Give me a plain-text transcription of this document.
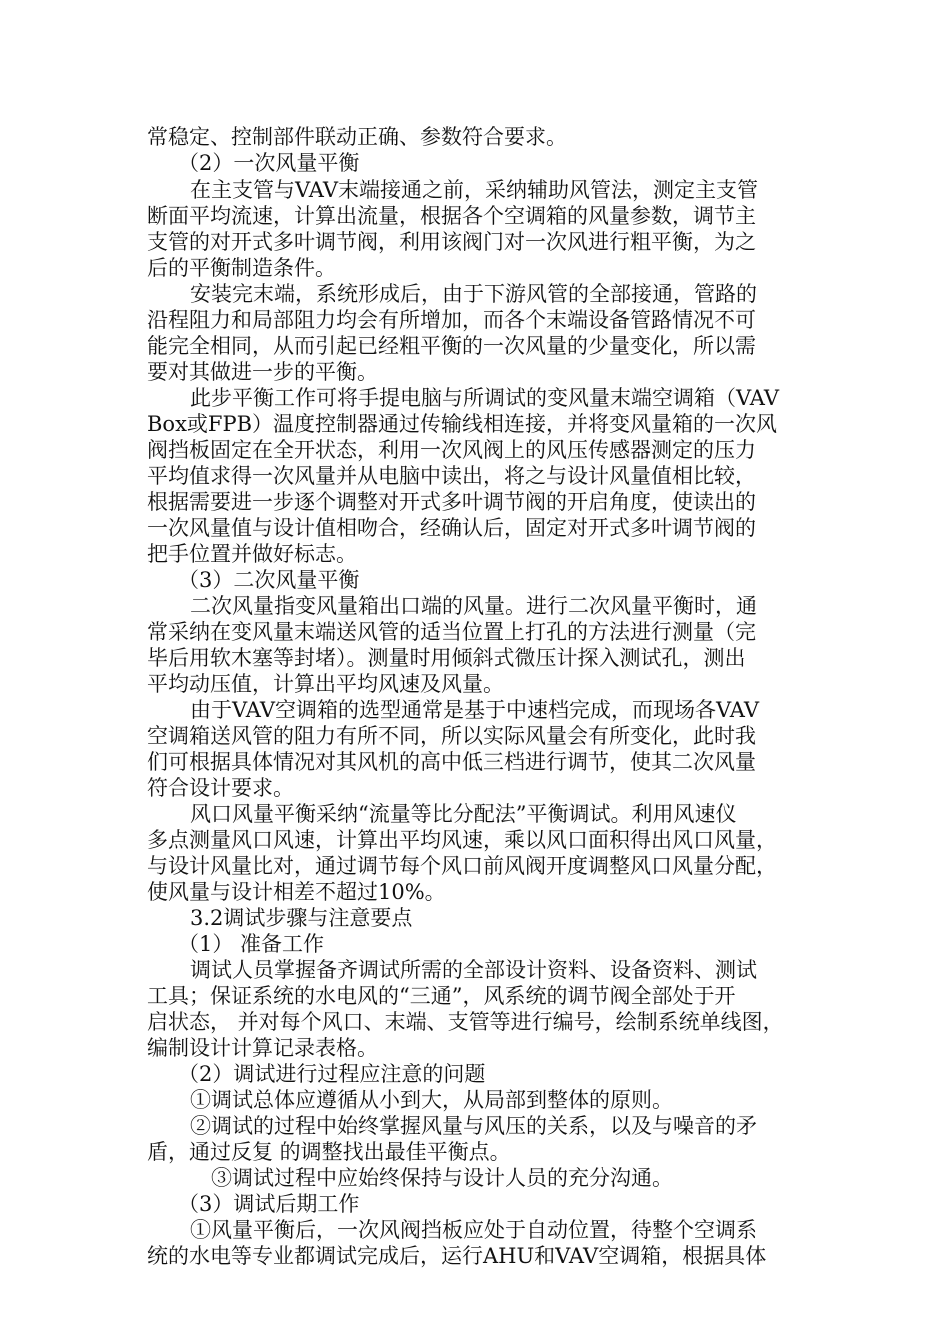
常稳定、控制部件联动正确、参数符合要求。
（2）一次风量平衡
在主支管与VAV末端接通之前，采纳辅助风管法，测定主支管
断面平均流速，计算出流量，根据各个空调箱的风量参数，调节主
支管的对开式多叶调节阀，利用该阀门对一次风进行粗平衡，为之
后的平衡制造条件。
安装完末端，系统形成后，由于下游风管的全部接通，管路的
沿程阻力和局部阻力均会有所增加，而各个末端设备管路情况不可
能完全相同，从而引起已经粗平衡的一次风量的少量变化，所以需
要对其做进一步的平衡。
此步平衡工作可将手提电脑与所调试的变风量末端空调箱（VAV
Box或FPB）温度控制器通过传输线相连接，并将变风量箱的一次风
阀挡板固定在全开状态，利用一次风阀上的风压传感器测定的压力
平均值求得一次风量并从电脑中读出，将之与设计风量值相比较，
根据需要进一步逐个调整对开式多叶调节阀的开启角度，使读出的
一次风量值与设计值相吻合，经确认后，固定对开式多叶调节阀的
把手位置并做好标志。
（3）二次风量平衡
二次风量指变风量箱出口端的风量。进行二次风量平衡时，通
常采纳在变风量末端送风管的适当位置上打孔的方法进行测量（完
毕后用软木塞等封堵）。测量时用倾斜式微压计探入测试孔，测出
平均动压值，计算出平均风速及风量。
由于VAV空调箱的选型通常是基于中速档完成，而现场各VAV
空调箱送风管的阻力有所不同，所以实际风量会有所变化，此时我
们可根据具体情况对其风机的高中低三档进行调节，使其二次风量
符合设计要求。
风口风量平衡采纳“流量等比分配法”平衡调试。利用风速仪
多点测量风口风速，计算出平均风速，乘以风口面积得出风口风量，
与设计风量比对，通过调节每个风口前风阀开度调整风口风量分配，
使风量与设计相差不超过10%。
3.2调试步骤与注意要点
（1） 准备工作
调试人员掌握备齐调试所需的全部设计资料、设备资料、测试
工具；保证系统的水电风的“三通”，风系统的调节阀全部处于开
启状态， 并对每个风口、末端、支管等进行编号，绘制系统单线图，
编制设计计算记录表格。
（2）调试进行过程应注意的问题
①调试总体应遵循从小到大，从局部到整体的原则。
②调试的过程中始终掌握风量与风压的关系，以及与噪音的矛
盾，通过反复 的调整找出最佳平衡点。
③调试过程中应始终保持与设计人员的充分沟通。
（3）调试后期工作
①风量平衡后，一次风阀挡板应处于自动位置，待整个空调系
统的水电等专业都调试完成后，运行AHU和VAV空调箱，根据具体
